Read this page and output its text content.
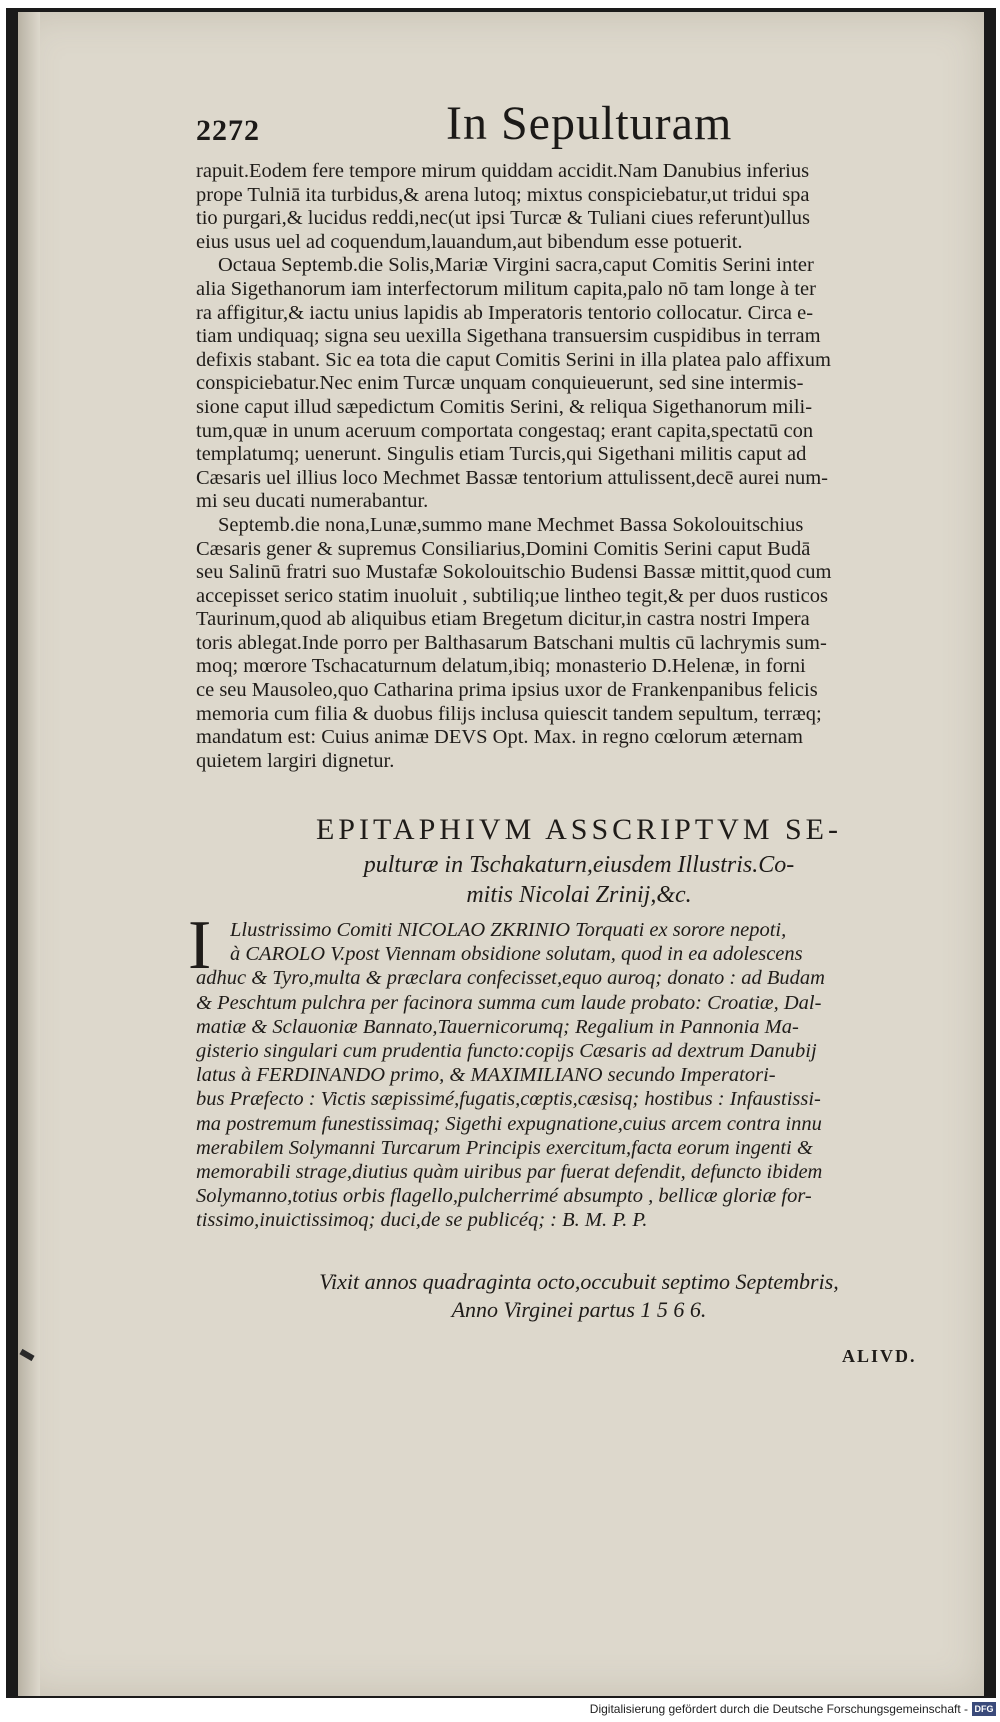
2272	In Sepulturam
rapuit.Eodem fere tempore mirum quiddam accidit.Nam Danubius inferius
prope Tulniā ita turbidus,& arena lutoq; mixtus conspiciebatur,ut tridui spa
tio purgari,& lucidus reddi,nec(ut ipsi Turcæ & Tuliani ciues referunt)ullus
eius usus uel ad coquendum,lauandum,aut bibendum esse potuerit.
Octaua Septemb.die Solis,Mariæ Virgini sacra,caput Comitis Serini inter
alia Sigethanorum iam interfectorum militum capita,palo nō tam longe à ter
ra affigitur,& iactu unius lapidis ab Imperatoris tentorio collocatur. Circa e-
tiam undiquaq; signa seu uexilla Sigethana transuersim cuspidibus in terram
defixis stabant. Sic ea tota die caput Comitis Serini in illa platea palo affixum
conspiciebatur.Nec enim Turcæ unquam conquieuerunt, sed sine intermis-
sione caput illud sæpedictum Comitis Serini, & reliqua Sigethanorum mili-
tum,quæ in unum aceruum comportata congestaq; erant capita,spectatū con
templatumq; uenerunt. Singulis etiam Turcis,qui Sigethani militis caput ad
Cæsaris uel illius loco Mechmet Bassæ tentorium attulissent,decē aurei num-
mi seu ducati numerabantur.
Septemb.die nona,Lunæ,summo mane Mechmet Bassa Sokolouitschius
Cæsaris gener & supremus Consiliarius,Domini Comitis Serini caput Budā
seu Salinū fratri suo Mustafæ Sokolouitschio Budensi Bassæ mittit,quod cum
accepisset serico statim inuoluit , subtiliq;ue lintheo tegit,& per duos rusticos
Taurinum,quod ab aliquibus etiam Bregetum dicitur,in castra nostri Impera
toris ablegat.Inde porro per Balthasarum Batschani multis cū lachrymis sum-
moq; mœrore Tschacaturnum delatum,ibiq; monasterio D.Helenæ, in forni
ce seu Mausoleo,quo Catharina prima ipsius uxor de Frankenpanibus felicis
memoria cum filia & duobus filijs inclusa quiescit tandem sepultum, terræq;
mandatum est: Cuius animæ DEVS Opt. Max. in regno cœlorum æternam
quietem largiri dignetur.
EPITAPHIVM ASSCRIPTVM SE-
pulturæ in Tschakaturn,eiusdem Illustris.Co-
mitis Nicolai Zrinij,&c.
I Llustrissimo Comiti NICOLAO ZKRINIO Torquati ex sorore nepoti,
à CAROLO V.post Viennam obsidione solutam, quod in ea adolescens
adhuc & Tyro,multa & præclara confecisset,equo auroq; donato : ad Budam
& Peschtum pulchra per facinora summa cum laude probato: Croatiæ, Dal-
matiæ & Sclauoniæ Bannato,Tauernicorumq; Regalium in Pannonia Ma-
gisterio singulari cum prudentia functo:copijs Cæsaris ad dextrum Danubij
latus à FERDINANDO primo, & MAXIMILIANO secundo Imperatori-
bus Præfecto : Victis sæpissimé,fugatis,cœptis,cæsisq; hostibus : Infaustissi-
ma postremum funestissimaq; Sigethi expugnatione,cuius arcem contra innu
merabilem Solymanni Turcarum Principis exercitum,facta eorum ingenti &
memorabili strage,diutius quàm uiribus par fuerat defendit, defuncto ibidem
Solymanno,totius orbis flagello,pulcherrimé absumpto , bellicæ gloriæ for-
tissimo,inuictissimoq; duci,de se publicéq; : B. M. P. P.
Vixit annos quadraginta octo,occubuit septimo Septembris,
Anno Virginei partus 1 5 6 6.
ALIVD.
Digitalisierung gefördert durch die Deutsche Forschungsgemeinschaft - DFG
